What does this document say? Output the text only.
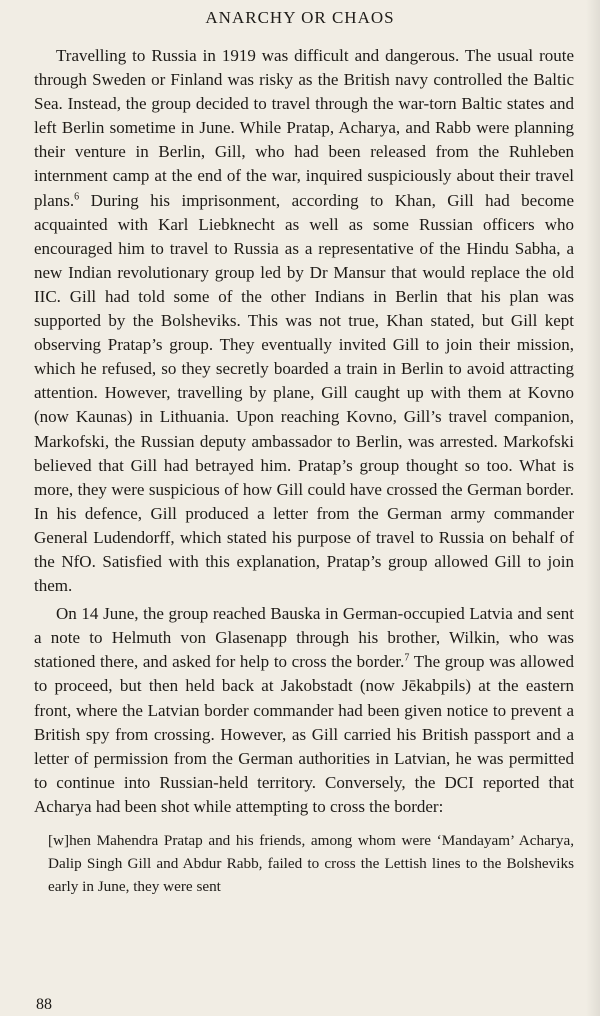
ANARCHY OR CHAOS

Travelling to Russia in 1919 was difficult and dangerous. The usual route through Sweden or Finland was risky as the British navy controlled the Baltic Sea. Instead, the group decided to travel through the war-torn Baltic states and left Berlin sometime in June. While Pratap, Acharya, and Rabb were planning their venture in Berlin, Gill, who had been released from the Ruhleben internment camp at the end of the war, inquired suspiciously about their travel plans.$^6$ During his imprisonment, according to Khan, Gill had become acquainted with Karl Liebknecht as well as some Russian officers who encouraged him to travel to Russia as a representative of the Hindu Sabha, a new Indian revolutionary group led by Dr Mansur that would replace the old IIC. Gill had told some of the other Indians in Berlin that his plan was supported by the Bolsheviks. This was not true, Khan stated, but Gill kept observing Pratap’s group. They eventually invited Gill to join their mission, which he refused, so they secretly boarded a train in Berlin to avoid attracting attention. However, travelling by plane, Gill caught up with them at Kovno (now Kaunas) in Lithuania. Upon reaching Kovno, Gill’s travel companion, Markofski, the Russian deputy ambassador to Berlin, was arrested. Markofski believed that Gill had betrayed him. Pratap’s group thought so too. What is more, they were suspicious of how Gill could have crossed the German border. In his defence, Gill produced a letter from the German army commander General Ludendorff, which stated his purpose of travel to Russia on behalf of the NfO. Satisfied with this explanation, Pratap’s group allowed Gill to join them.

On 14 June, the group reached Bauska in German-occupied Latvia and sent a note to Helmuth von Glasenapp through his brother, Wilkin, who was stationed there, and asked for help to cross the border.$^7$ The group was allowed to proceed, but then held back at Jakobstadt (now Jēkabpils) at the eastern front, where the Latvian border commander had been given notice to prevent a British spy from crossing. However, as Gill carried his British passport and a letter of permission from the German authorities in Latvian, he was permitted to continue into Russian-held territory. Conversely, the DCI reported that Acharya had been shot while attempting to cross the border:

[w]hen Mahendra Pratap and his friends, among whom were ‘Mandayam’ Acharya, Dalip Singh Gill and Abdur Rabb, failed to cross the Lettish lines to the Bolsheviks early in June, they were sent

88
